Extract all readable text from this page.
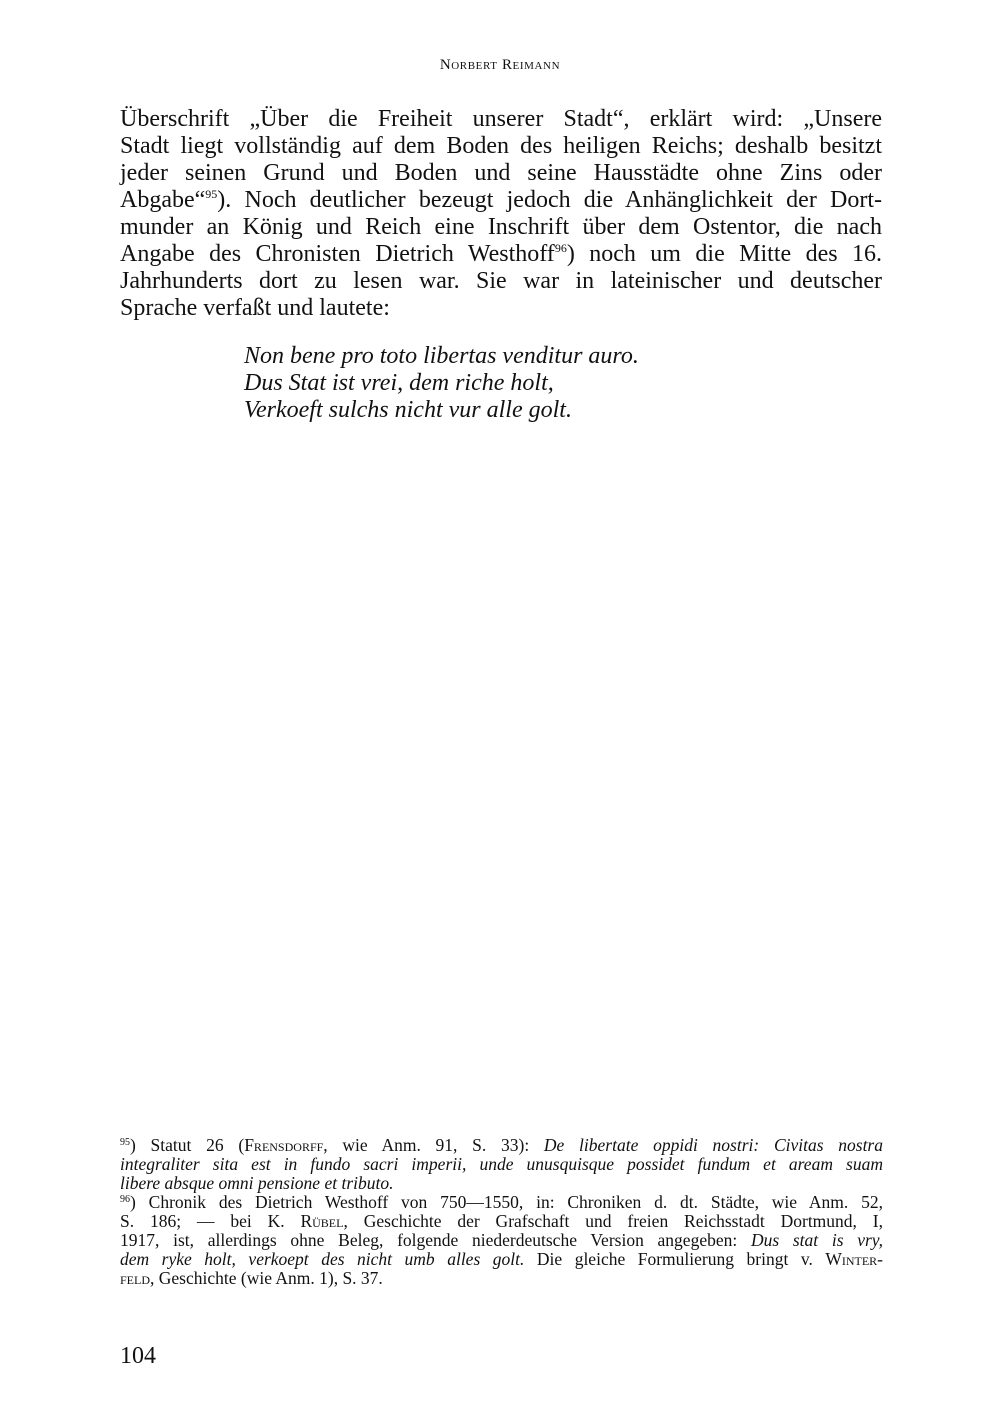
Norbert Reimann

Überschrift „Über die Freiheit unserer Stadt“, erklärt wird: „Unsere
Stadt liegt vollständig auf dem Boden des heiligen Reichs; deshalb besitzt
jeder seinen Grund und Boden und seine Hausstädte ohne Zins oder
Abgabe“$^{95}$). Noch deutlicher bezeugt jedoch die Anhänglichkeit der Dort-
munder an König und Reich eine Inschrift über dem Ostentor, die nach
Angabe des Chronisten Dietrich Westhoff$^{96}$) noch um die Mitte des 16.
Jahrhunderts dort zu lesen war. Sie war in lateinischer und deutscher
Sprache verfaßt und lautete:

Non bene pro toto libertas venditur auro.
Dus Stat ist vrei, dem riche holt,
Verkoeft sulchs nicht vur alle golt.
$^{95}$) Statut 26 (Frensdorff, wie Anm. 91, S. 33): De libertate oppidi nostri: Civitas nostra
integraliter sita est in fundo sacri imperii, unde unusquisque possidet fundum et aream suam
libere absque omni pensione et tributo.
$^{96}$) Chronik des Dietrich Westhoff von 750—1550, in: Chroniken d. dt. Städte, wie Anm. 52,
S. 186; — bei K. Rübel, Geschichte der Grafschaft und freien Reichsstadt Dortmund, I,
1917, ist, allerdings ohne Beleg, folgende niederdeutsche Version angegeben: Dus stat is vry,
dem ryke holt, verkoept des nicht umb alles golt. Die gleiche Formulierung bringt v. Winter-
feld, Geschichte (wie Anm. 1), S. 37.
104
